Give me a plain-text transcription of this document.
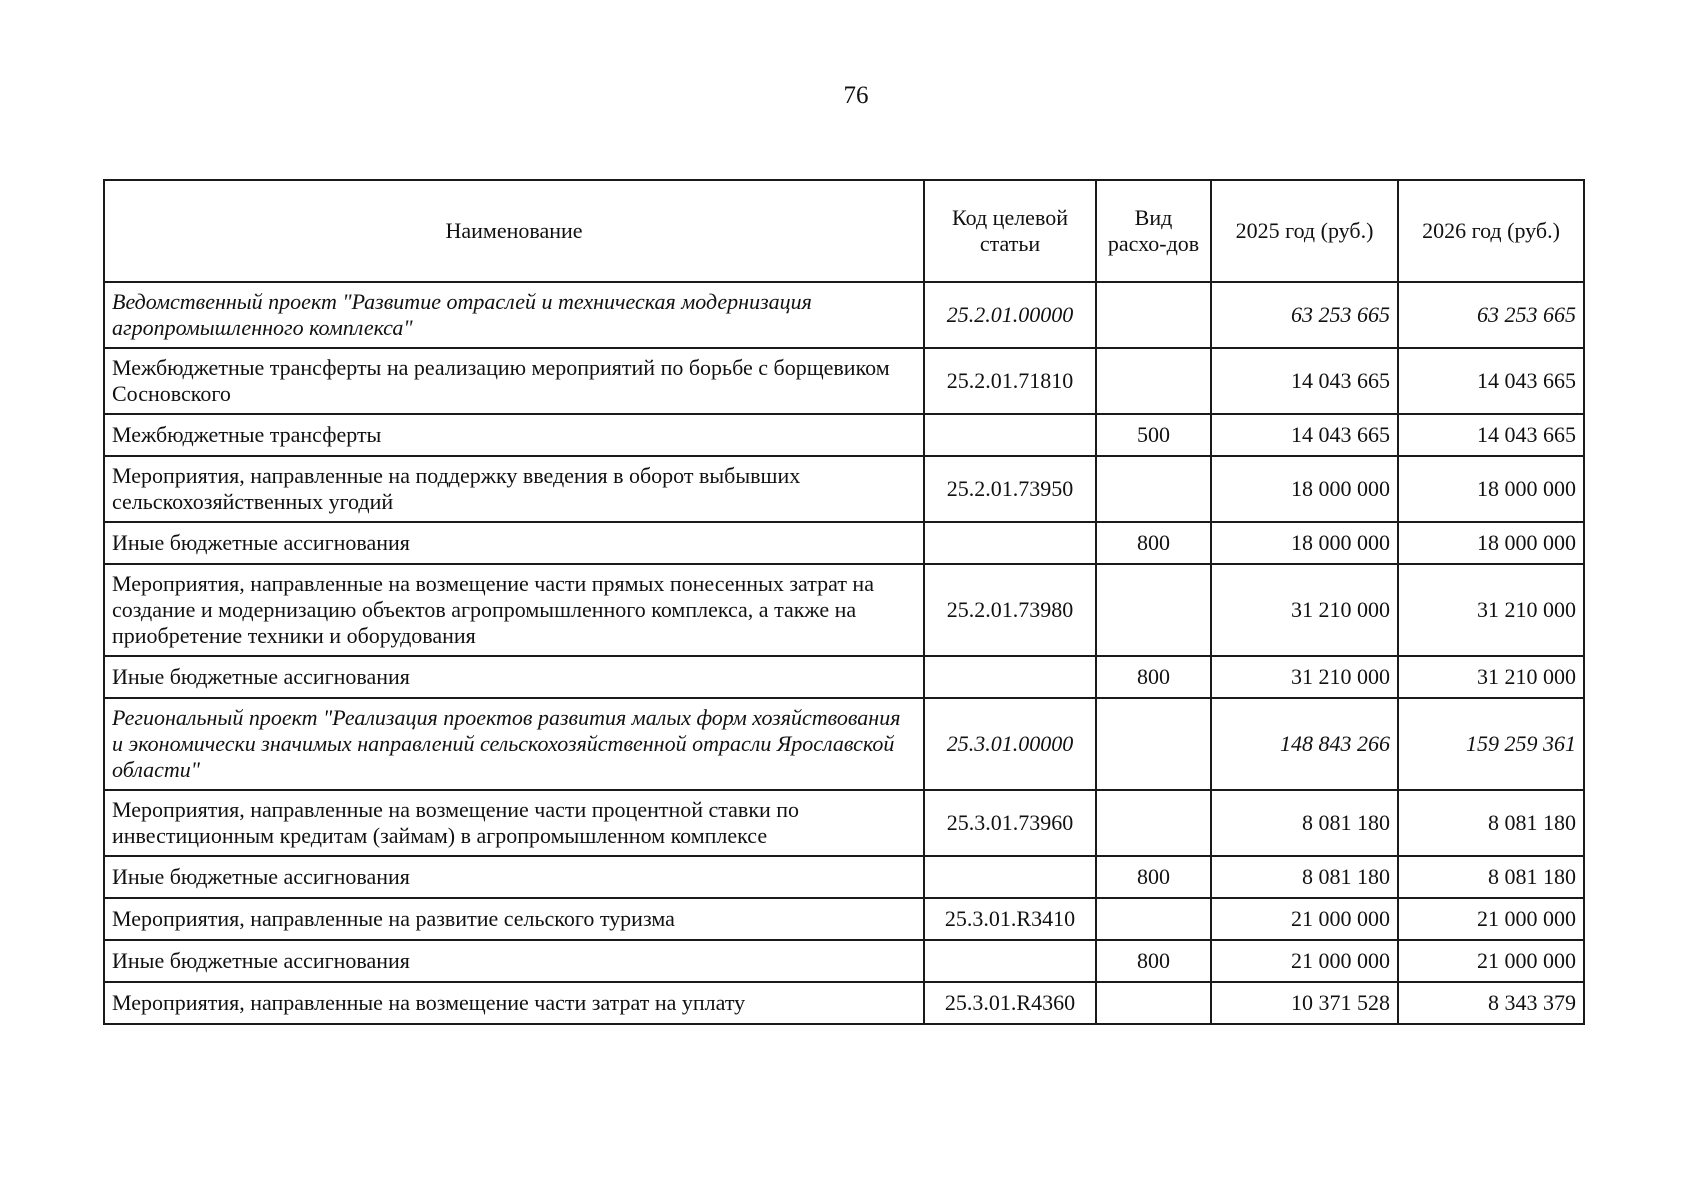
76
Наименование	Код целевой статьи	Вид расхо-дов	2025 год (руб.)	2026 год (руб.)
Ведомственный проект "Развитие отраслей и техническая модернизация агропромышленного комплекса"	25.2.01.00000		63 253 665	63 253 665
Межбюджетные трансферты на реализацию мероприятий по борьбе с борщевиком Сосновского	25.2.01.71810		14 043 665	14 043 665
Межбюджетные трансферты		500	14 043 665	14 043 665
Мероприятия, направленные на поддержку введения в оборот выбывших сельскохозяйственных угодий	25.2.01.73950		18 000 000	18 000 000
Иные бюджетные ассигнования		800	18 000 000	18 000 000
Мероприятия, направленные на возмещение части прямых понесенных затрат на создание и модернизацию объектов агропромышленного комплекса, а также на приобретение техники и оборудования	25.2.01.73980		31 210 000	31 210 000
Иные бюджетные ассигнования		800	31 210 000	31 210 000
Региональный проект "Реализация проектов развития малых форм хозяйствования и экономически значимых направлений сельскохозяйственной отрасли Ярославской области"	25.3.01.00000		148 843 266	159 259 361
Мероприятия, направленные на возмещение части процентной ставки по инвестиционным кредитам (займам) в агропромышленном комплексе	25.3.01.73960		8 081 180	8 081 180
Иные бюджетные ассигнования		800	8 081 180	8 081 180
Мероприятия, направленные на развитие сельского туризма	25.3.01.R3410		21 000 000	21 000 000
Иные бюджетные ассигнования		800	21 000 000	21 000 000
Мероприятия, направленные на возмещение части затрат на уплату	25.3.01.R4360		10 371 528	8 343 379
